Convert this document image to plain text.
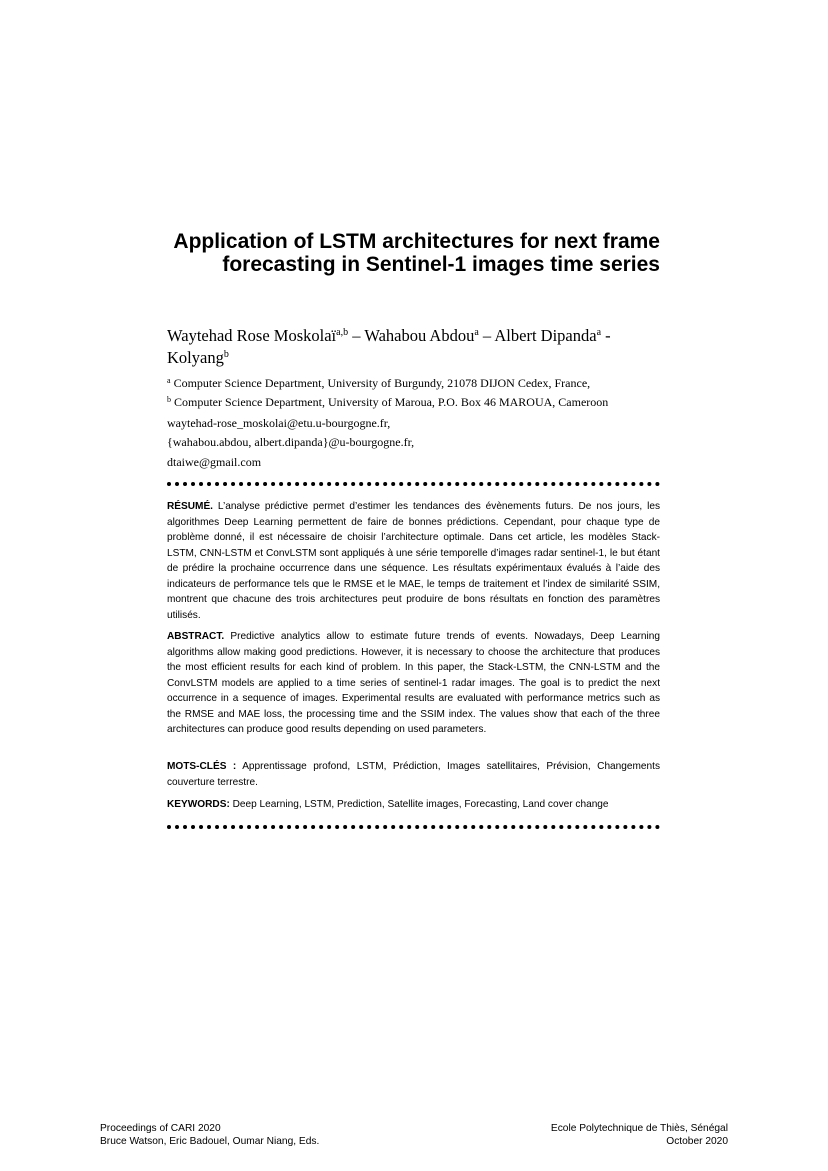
Application of LSTM architectures for next frame forecasting in Sentinel-1 images time series

Waytehad Rose Moskolaï$^{a,b}$ – Wahabou Abdou$^a$ – Albert Dipanda$^a$ -
Kolyang$^b$

$^a$ Computer Science Department, University of Burgundy, 21078 DIJON Cedex, France,

$^b$ Computer Science Department, University of Maroua, P.O. Box 46 MAROUA, Cameroon

waytehad-rose_moskolai@etu.u-bourgogne.fr,

{wahabou.abdou, albert.dipanda}@u-bourgogne.fr,

dtaiwe@gmail.com

RÉSUMÉ. L’analyse prédictive permet d’estimer les tendances des évènements futurs. De nos jours, les algorithmes Deep Learning permettent de faire de bonnes prédictions. Cependant, pour chaque type de problème donné, il est nécessaire de choisir l’architecture optimale. Dans cet article, les modèles Stack-LSTM, CNN-LSTM et ConvLSTM sont appliqués à une série temporelle d’images radar sentinel-1, le but étant de prédire la prochaine occurrence dans une séquence. Les résultats expérimentaux évalués à l’aide des indicateurs de performance tels que le RMSE et le MAE, le temps de traitement et l’index de similarité SSIM, montrent que chacune des trois architectures peut produire de bons résultats en fonction des paramètres utilisés.

ABSTRACT. Predictive analytics allow to estimate future trends of events. Nowadays, Deep Learning algorithms allow making good predictions. However, it is necessary to choose the architecture that produces the most efficient results for each kind of problem. In this paper, the Stack-LSTM, the CNN-LSTM and the ConvLSTM models are applied to a time series of sentinel-1 radar images. The goal is to predict the next occurrence in a sequence of images. Experimental results are evaluated with performance metrics such as the RMSE and MAE loss, the processing time and the SSIM index. The values show that each of the three architectures can produce good results depending on used parameters.

MOTS-CLÉS : Apprentissage profond, LSTM, Prédiction, Images satellitaires, Prévision, Changements couverture terrestre.

KEYWORDS: Deep Learning, LSTM, Prediction, Satellite images, Forecasting, Land cover change

Proceedings of CARI 2020
Bruce Watson, Eric Badouel, Oumar Niang, Eds.
Ecole Polytechnique de Thiès, Sénégal
October 2020
